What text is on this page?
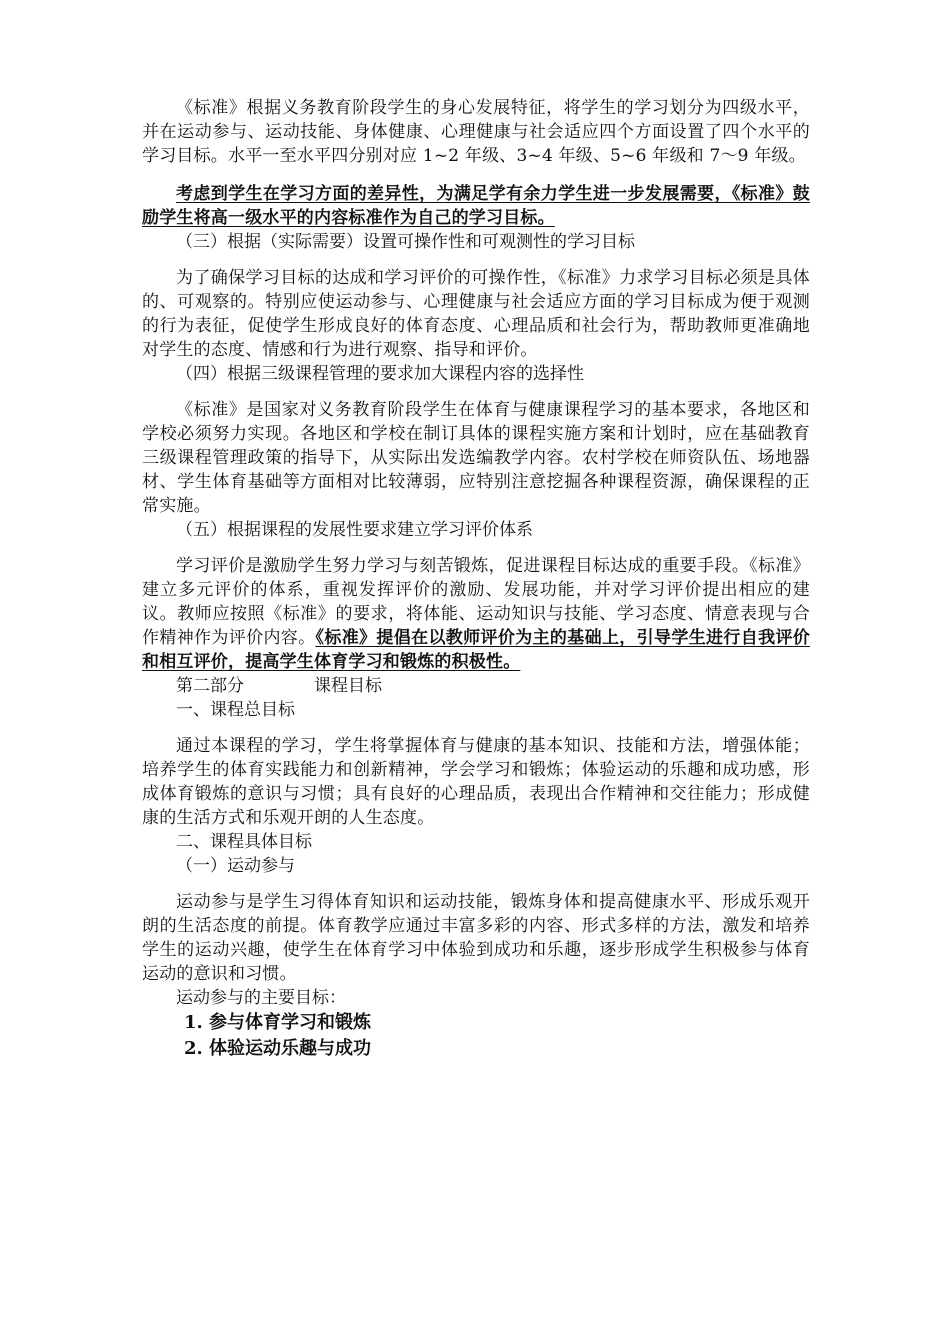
《标准》根据义务教育阶段学生的身心发展特征，将学生的学习划分为四级水平，并在运动参与、运动技能、身体健康、心理健康与社会适应四个方面设置了四个水平的学习目标。水平一至水平四分别对应 1~2 年级、3~4 年级、5~6 年级和 7～9 年级。

考虑到学生在学习方面的差异性，为满足学有余力学生进一步发展需要，《标准》鼓励学生将高一级水平的内容标准作为自己的学习目标。

（三）根据（实际需要）设置可操作性和可观测性的学习目标

为了确保学习目标的达成和学习评价的可操作性，《标准》力求学习目标必须是具体的、可观察的。特别应使运动参与、心理健康与社会适应方面的学习目标成为便于观测的行为表征，促使学生形成良好的体育态度、心理品质和社会行为，帮助教师更准确地对学生的态度、情感和行为进行观察、指导和评价。

（四）根据三级课程管理的要求加大课程内容的选择性

《标准》是国家对义务教育阶段学生在体育与健康课程学习的基本要求，各地区和学校必须努力实现。各地区和学校在制订具体的课程实施方案和计划时，应在基础教育三级课程管理政策的指导下，从实际出发选编教学内容。农村学校在师资队伍、场地器材、学生体育基础等方面相对比较薄弱，应特别注意挖掘各种课程资源，确保课程的正常实施。

（五）根据课程的发展性要求建立学习评价体系

学习评价是激励学生努力学习与刻苦锻炼，促进课程目标达成的重要手段。《标准》建立多元评价的体系，重视发挥评价的激励、发展功能，并对学习评价提出相应的建议。教师应按照《标准》的要求，将体能、运动知识与技能、学习态度、情意表现与合作精神作为评价内容。《标准》提倡在以教师评价为主的基础上，引导学生进行自我评价和相互评价，提高学生体育学习和锻炼的积极性。

第二部分	课程目标

一、课程总目标

通过本课程的学习，学生将掌握体育与健康的基本知识、技能和方法，增强体能；培养学生的体育实践能力和创新精神，学会学习和锻炼；体验运动的乐趣和成功感，形成体育锻炼的意识与习惯；具有良好的心理品质，表现出合作精神和交往能力；形成健康的生活方式和乐观开朗的人生态度。

二、课程具体目标

（一）运动参与

运动参与是学生习得体育知识和运动技能，锻炼身体和提高健康水平、形成乐观开朗的生活态度的前提。体育教学应通过丰富多彩的内容、形式多样的方法，激发和培养学生的运动兴趣，使学生在体育学习中体验到成功和乐趣，逐步形成学生积极参与体育运动的意识和习惯。

运动参与的主要目标：

1. 参与体育学习和锻炼

2. 体验运动乐趣与成功
